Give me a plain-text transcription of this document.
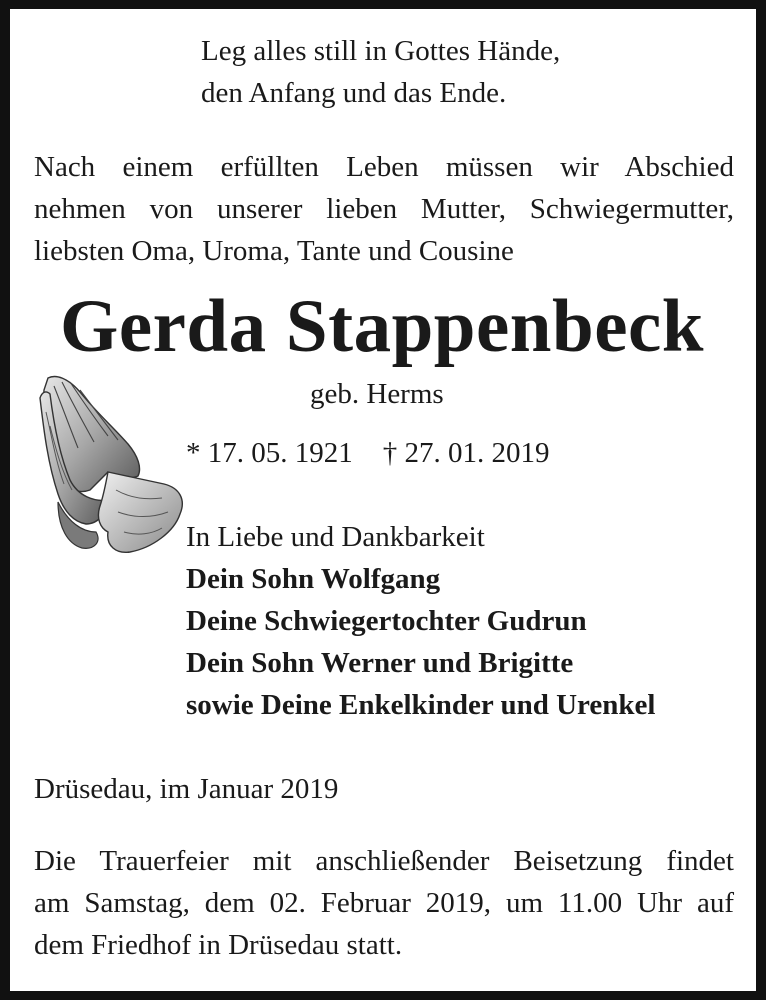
Leg alles still in Gottes Hände,
den Anfang und das Ende.
Nach einem erfüllten Leben müssen wir Abschied
nehmen von unserer lieben Mutter, Schwiegermutter,
liebsten Oma, Uroma, Tante und Cousine
Gerda Stappenbeck
geb. Herms
* 17. 05. 1921 † 27. 01. 2019
In Liebe und Dankbarkeit
Dein Sohn Wolfgang
Deine Schwiegertochter Gudrun
Dein Sohn Werner und Brigitte
sowie Deine Enkelkinder und Urenkel
Drüsedau, im Januar 2019
Die Trauerfeier mit anschließender Beisetzung findet
am Samstag, dem 02. Februar 2019, um 11.00 Uhr auf
dem Friedhof in Drüsedau statt.
